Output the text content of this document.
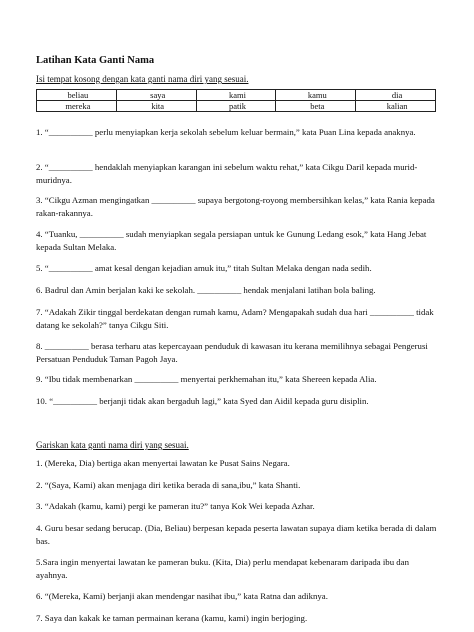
Latihan Kata Ganti Nama
Isi tempat kosong dengan kata ganti nama diri yang sesuai.
beliau	saya	kami	kamu	dia
mereka	kita	patik	beta	kalian
1. “__________ perlu menyiapkan kerja sekolah sebelum keluar bermain,” kata Puan Lina kepada anaknya.
2. “__________ hendaklah menyiapkan karangan ini sebelum waktu rehat,” kata Cikgu Daril kepada murid-muridnya.
3. “Cikgu Azman mengingatkan __________ supaya bergotong-royong membersihkan kelas,” kata Rania kepada rakan-rakannya.
4. “Tuanku, __________ sudah menyiapkan segala persiapan untuk ke Gunung Ledang esok,” kata Hang Jebat kepada Sultan Melaka.
5. “__________ amat kesal dengan kejadian amuk itu,” titah Sultan Melaka dengan nada sedih.
6. Badrul dan Amin berjalan kaki ke sekolah. __________ hendak menjalani latihan bola baling.
7. “Adakah Zikir tinggal berdekatan dengan rumah kamu, Adam? Mengapakah sudah dua hari __________ tidak datang ke sekolah?” tanya Cikgu Siti.
8. __________ berasa terharu atas kepercayaan penduduk di kawasan itu kerana memilihnya sebagai Pengerusi Persatuan Penduduk Taman Pagoh Jaya.
9. “Ibu tidak membenarkan __________ menyertai perkhemahan itu,” kata Shereen kepada Alia.
10. “__________ berjanji tidak akan bergaduh lagi,” kata Syed dan Aidil kepada guru disiplin.
Gariskan kata ganti nama diri yang sesuai.
1. (Mereka, Dia) bertiga akan menyertai lawatan ke Pusat Sains Negara.
2. “(Saya, Kami) akan menjaga diri ketika berada di sana,ibu,” kata Shanti.
3. “Adakah (kamu, kami) pergi ke pameran itu?” tanya Kok Wei kepada Azhar.
4. Guru besar sedang berucap. (Dia, Beliau) berpesan kepada peserta lawatan supaya diam ketika berada di dalam bas.
5.Sara ingin menyertai lawatan ke pameran buku. (Kita, Dia) perlu mendapat kebenaram daripada ibu dan ayahnya.
6. “(Mereka, Kami) berjanji akan mendengar nasihat ibu,” kata Ratna dan adiknya.
7. Saya dan kakak ke taman permainan kerana (kamu, kami) ingin berjoging.
